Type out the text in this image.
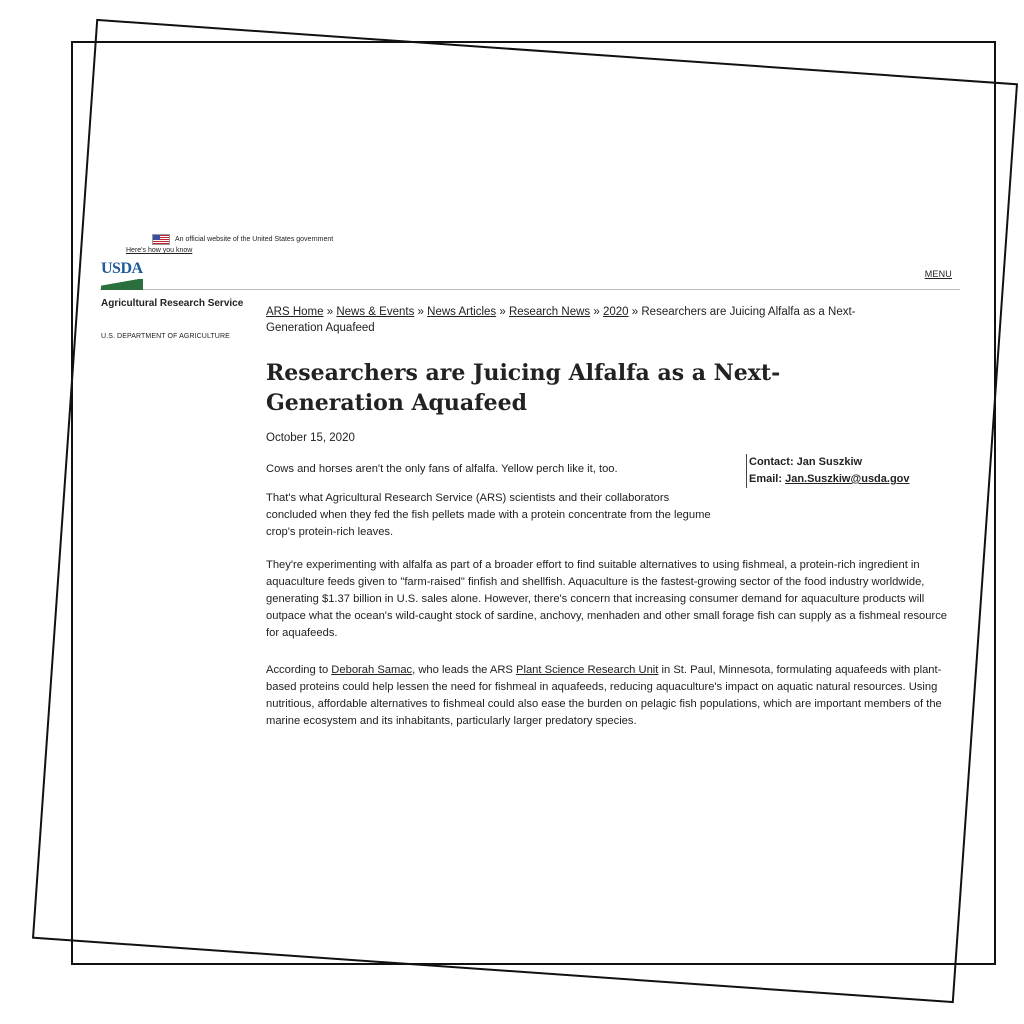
An official website of the United States government
Here's how you know
USDA	MENU
Agricultural Research Service
U.S. DEPARTMENT OF AGRICULTURE
ARS Home » News & Events » News Articles » Research News » 2020 » Researchers are Juicing Alfalfa as a Next-Generation Aquafeed
Researchers are Juicing Alfalfa as a Next-Generation Aquafeed
October 15, 2020
Contact: Jan Suszkiw
Email: Jan.Suszkiw@usda.gov

Cows and horses aren't the only fans of alfalfa. Yellow perch like it, too.

That's what Agricultural Research Service (ARS) scientists and their collaborators concluded when they fed the fish pellets made with a protein concentrate from the legume crop's protein-rich leaves.

They're experimenting with alfalfa as part of a broader effort to find suitable alternatives to using fishmeal, a protein-rich ingredient in aquaculture feeds given to "farm-raised" finfish and shellfish. Aquaculture is the fastest-growing sector of the food industry worldwide, generating $1.37 billion in U.S. sales alone. However, there's concern that increasing consumer demand for aquaculture products will outpace what the ocean's wild-caught stock of sardine, anchovy, menhaden and other small forage fish can supply as a fishmeal resource for aquafeeds.

According to Deborah Samac, who leads the ARS Plant Science Research Unit in St. Paul, Minnesota, formulating aquafeeds with plant-based proteins could help lessen the need for fishmeal in aquafeeds, reducing aquaculture's impact on aquatic natural resources. Using nutritious, affordable alternatives to fishmeal could also ease the burden on pelagic fish populations, which are important members of the marine ecosystem and its inhabitants, particularly larger predatory species.
